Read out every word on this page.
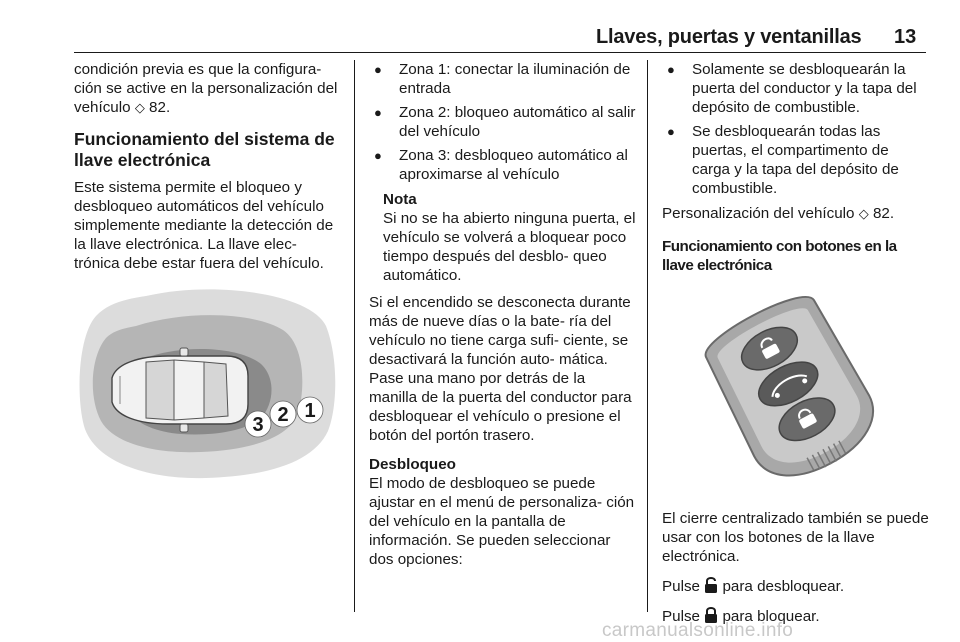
Llaves, puertas y ventanillas 13

condición previa es que la configura- ción se active en la personalización del vehículo ◇ 82.

Funcionamiento del sistema de llave electrónica

Este sistema permite el bloqueo y desbloqueo automáticos del vehículo simplemente mediante la detección de la llave electrónica. La llave elec- trónica debe estar fuera del vehículo.

3 2 1
● Zona 1: conectar la iluminación de entrada
● Zona 2: bloqueo automático al salir del vehículo
● Zona 3: desbloqueo automático al aproximarse al vehículo
Nota
Si no se ha abierto ninguna puerta, el vehículo se volverá a bloquear poco tiempo después del desblo- queo automático.

Si el encendido se desconecta durante más de nueve días o la bate- ría del vehículo no tiene carga sufi- ciente, se desactivará la función auto- mática. Pase una mano por detrás de la manilla de la puerta del conductor para desbloquear el vehículo o presione el botón del portón trasero.

Desbloqueo

El modo de desbloqueo se puede ajustar en el menú de personaliza- ción del vehículo en la pantalla de información. Se pueden seleccionar dos opciones:

● Solamente se desbloquearán la puerta del conductor y la tapa del depósito de combustible.
● Se desbloquearán todas las puertas, el compartimento de carga y la tapa del depósito de combustible.

Personalización del vehículo ◇ 82.

Funcionamiento con botones en la llave electrónica

El cierre centralizado también se puede usar con los botones de la llave electrónica.

Pulse para desbloquear.

Pulse para bloquear.

carmanualsonline.info
